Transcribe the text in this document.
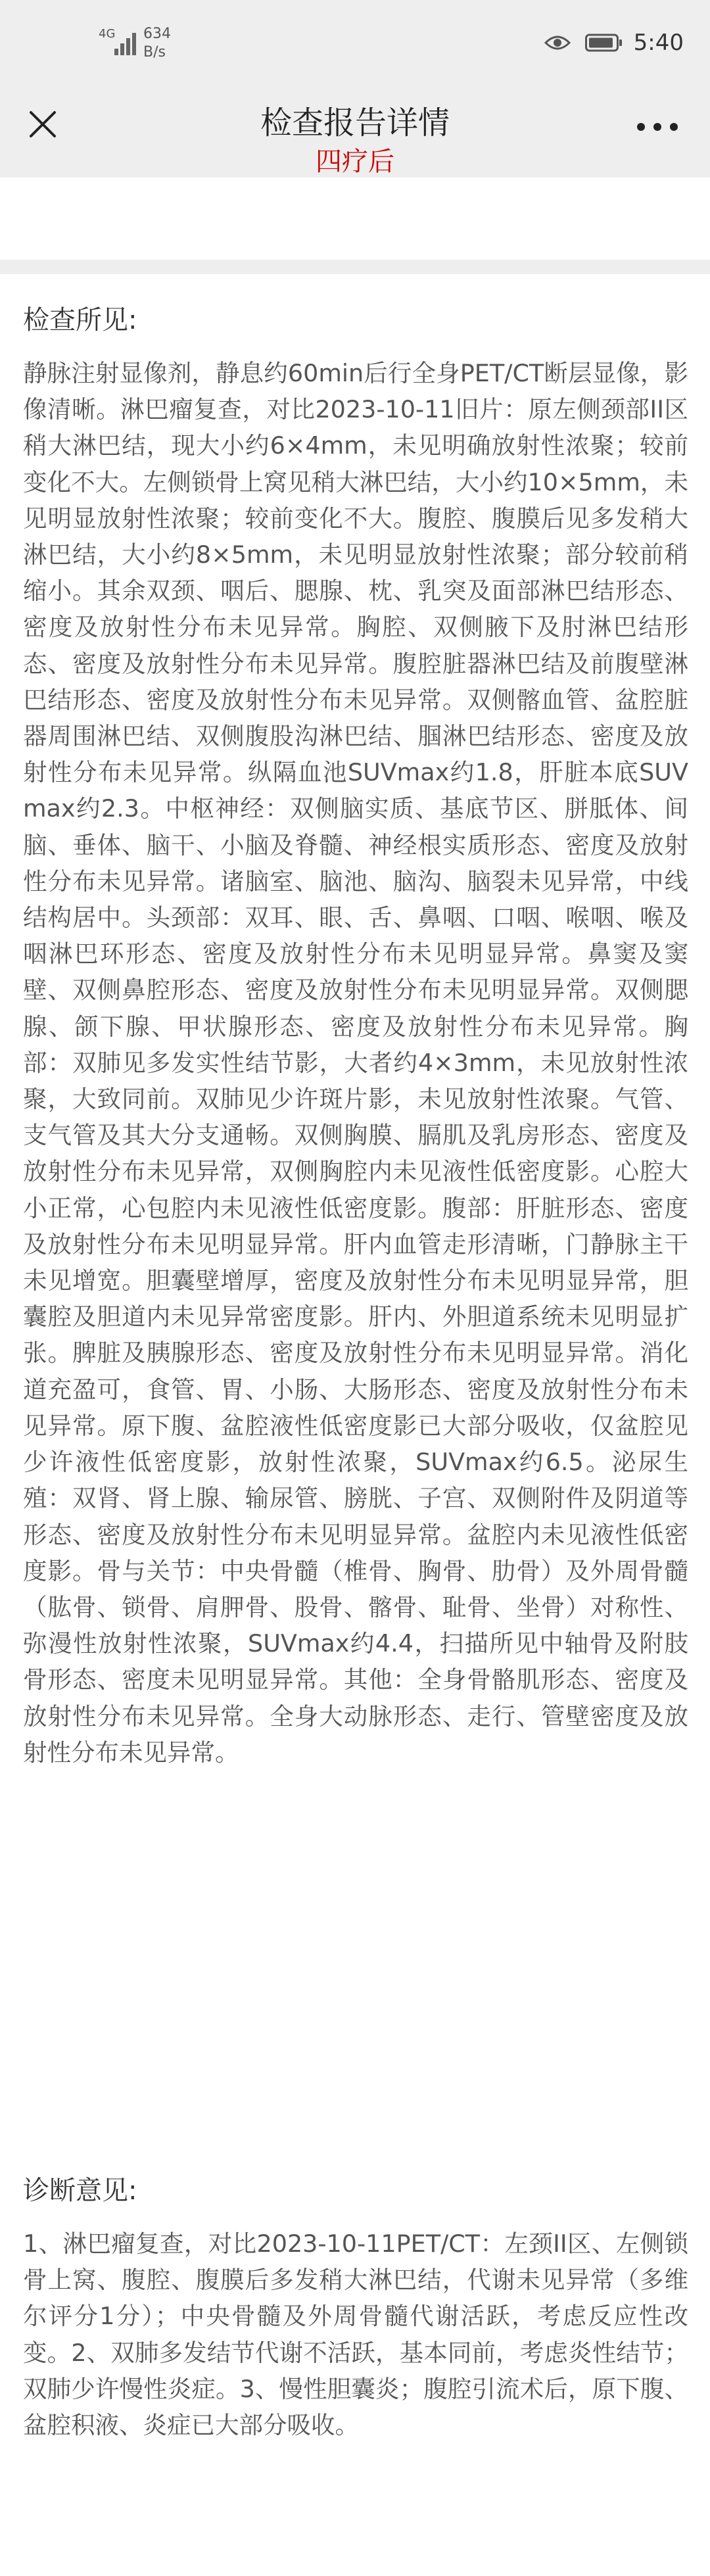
4G 634
B/s	5:40
检查报告详情
四疗后
检查所见:
静脉注射显像剂，静息约60min后行全身PET/CT断层显像，影像清晰。淋巴瘤复查，对比2023-10-11旧片：原左侧颈部II区稍大淋巴结，现大小约6×4mm，未见明确放射性浓聚；较前变化不大。左侧锁骨上窝见稍大淋巴结，大小约10×5mm，未见明显放射性浓聚；较前变化不大。腹腔、腹膜后见多发稍大淋巴结，大小约8×5mm，未见明显放射性浓聚；部分较前稍缩小。其余双颈、咽后、腮腺、枕、乳突及面部淋巴结形态、密度及放射性分布未见异常。胸腔、双侧腋下及肘淋巴结形态、密度及放射性分布未见异常。腹腔脏器淋巴结及前腹壁淋巴结形态、密度及放射性分布未见异常。双侧髂血管、盆腔脏器周围淋巴结、双侧腹股沟淋巴结、腘淋巴结形态、密度及放射性分布未见异常。纵隔血池SUVmax约1.8，肝脏本底SUVmax约2.3。中枢神经：双侧脑实质、基底节区、胼胝体、间脑、垂体、脑干、小脑及脊髓、神经根实质形态、密度及放射性分布未见异常。诸脑室、脑池、脑沟、脑裂未见异常，中线结构居中。头颈部：双耳、眼、舌、鼻咽、口咽、喉咽、喉及咽淋巴环形态、密度及放射性分布未见明显异常。鼻窦及窦壁、双侧鼻腔形态、密度及放射性分布未见明显异常。双侧腮腺、颌下腺、甲状腺形态、密度及放射性分布未见异常。胸部：双肺见多发实性结节影，大者约4×3mm，未见放射性浓聚，大致同前。双肺见少许斑片影，未见放射性浓聚。气管、支气管及其大分支通畅。双侧胸膜、膈肌及乳房形态、密度及放射性分布未见异常，双侧胸腔内未见液性低密度影。心腔大小正常，心包腔内未见液性低密度影。腹部：肝脏形态、密度及放射性分布未见明显异常。肝内血管走形清晰，门静脉主干未见增宽。胆囊壁增厚，密度及放射性分布未见明显异常，胆囊腔及胆道内未见异常密度影。肝内、外胆道系统未见明显扩张。脾脏及胰腺形态、密度及放射性分布未见明显异常。消化道充盈可，食管、胃、小肠、大肠形态、密度及放射性分布未见异常。原下腹、盆腔液性低密度影已大部分吸收，仅盆腔见少许液性低密度影，放射性浓聚，SUVmax约6.5。泌尿生殖：双肾、肾上腺、输尿管、膀胱、子宫、双侧附件及阴道等形态、密度及放射性分布未见明显异常。盆腔内未见液性低密度影。骨与关节：中央骨髓（椎骨、胸骨、肋骨）及外周骨髓（肱骨、锁骨、肩胛骨、股骨、髂骨、耻骨、坐骨）对称性、弥漫性放射性浓聚，SUVmax约4.4，扫描所见中轴骨及附肢骨形态、密度未见明显异常。其他：全身骨骼肌形态、密度及放射性分布未见异常。全身大动脉形态、走行、管壁密度及放射性分布未见异常。
诊断意见:
1、淋巴瘤复查，对比2023-10-11PET/CT：左颈II区、左侧锁骨上窝、腹腔、腹膜后多发稍大淋巴结，代谢未见异常（多维尔评分1分）；中央骨髓及外周骨髓代谢活跃，考虑反应性改变。2、双肺多发结节代谢不活跃，基本同前，考虑炎性结节；双肺少许慢性炎症。3、慢性胆囊炎；腹腔引流术后，原下腹、盆腔积液、炎症已大部分吸收。
